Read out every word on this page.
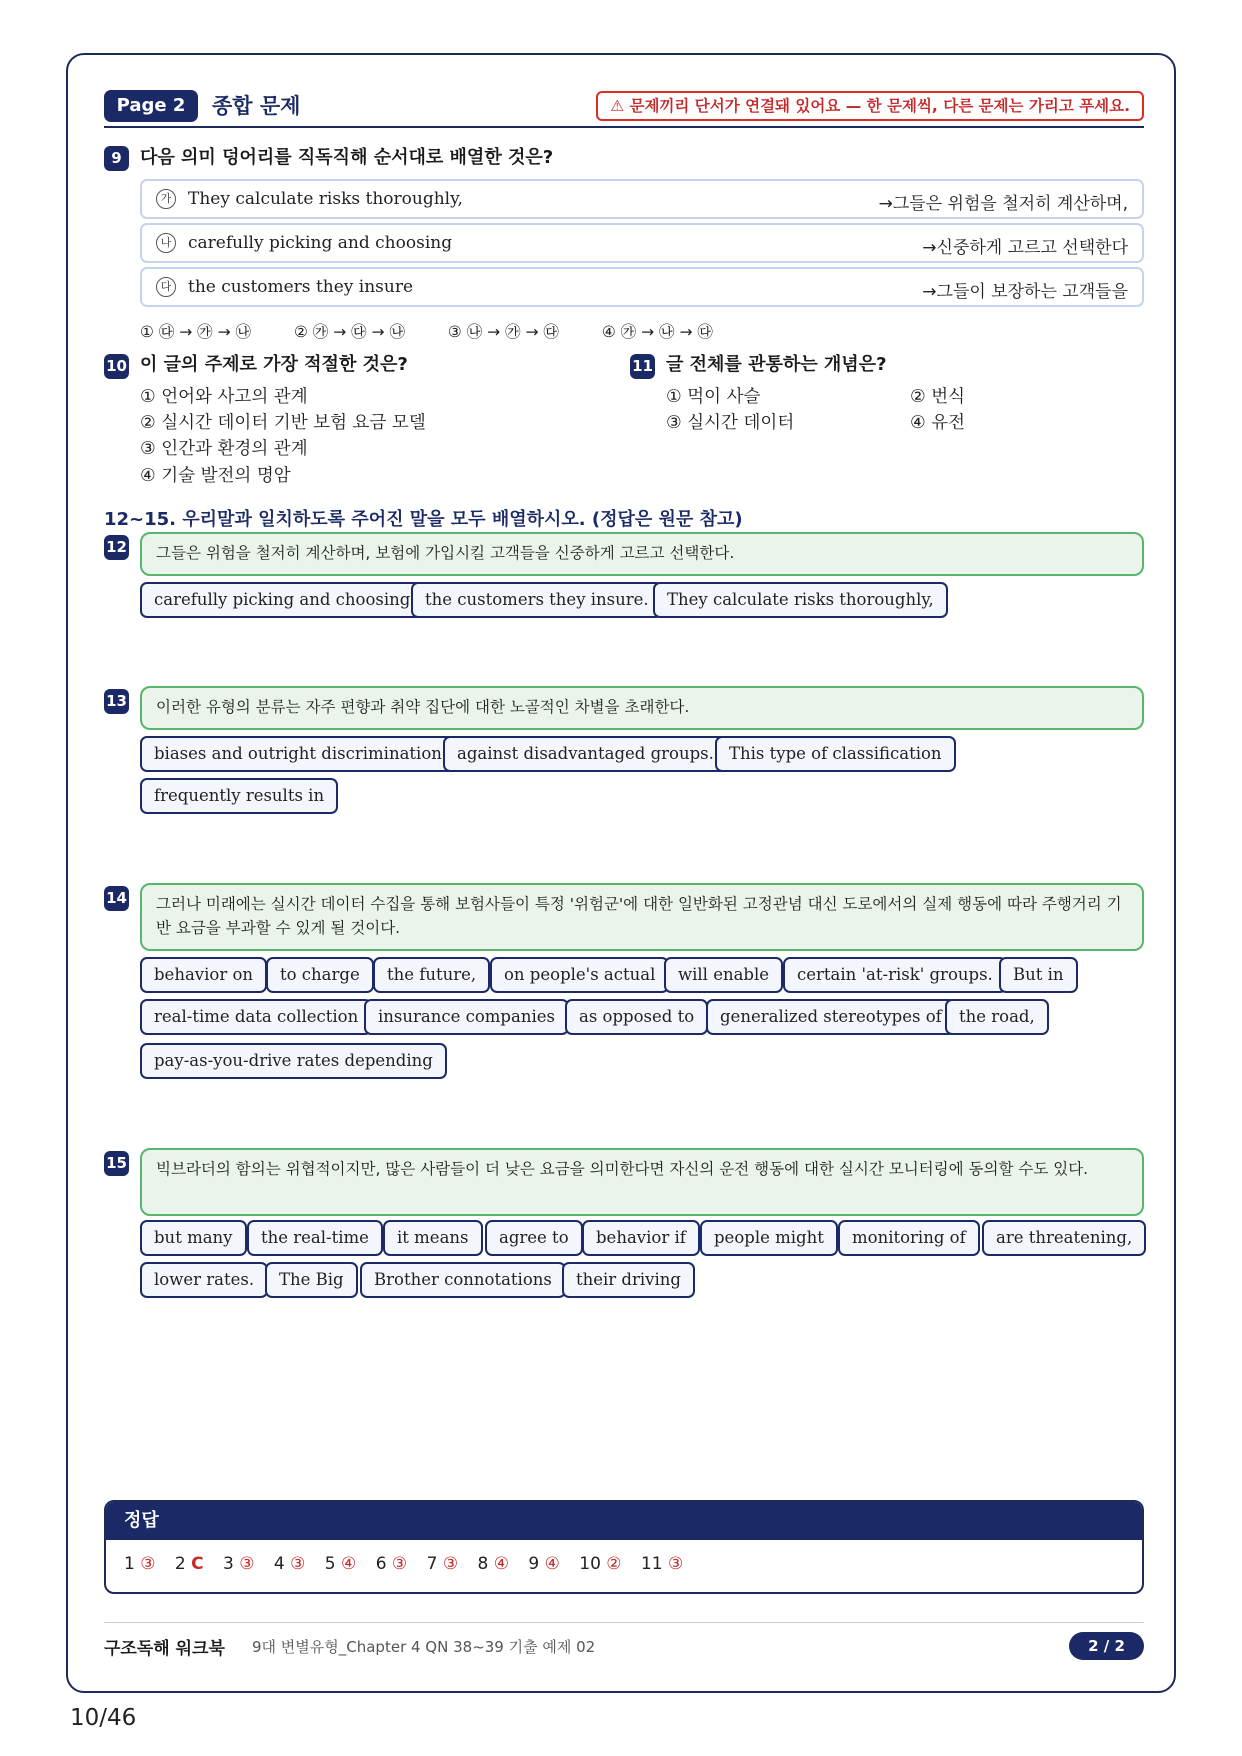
Page 2	종합 문제	⚠ 문제끼리 단서가 연결돼 있어요 — 한 문제씩, 다른 문제는 가리고 푸세요.
9	다음 의미 덩어리를 직독직해 순서대로 배열한 것은?
가 They calculate risks thoroughly,	→그들은 위험을 철저히 계산하며,
나 carefully picking and choosing	→신중하게 고르고 선택한다
다 the customers they insure	→그들이 보장하는 고객들을
① ㉰ → ㉮ → ㉯	② ㉮ → ㉰ → ㉯	③ ㉯ → ㉮ → ㉰	④ ㉮ → ㉯ → ㉰
10 이 글의 주제로 가장 적절한 것은?
① 언어와 사고의 관계
② 실시간 데이터 기반 보험 요금 모델
③ 인간과 환경의 관계
④ 기술 발전의 명암
11 글 전체를 관통하는 개념은?
① 먹이 사슬	② 번식
③ 실시간 데이터	④ 유전
12~15. 우리말과 일치하도록 주어진 말을 모두 배열하시오. (정답은 원문 참고)
12	그들은 위험을 철저히 계산하며, 보험에 가입시킬 고객들을 신중하게 고르고 선택한다.
carefully picking and choosing the customers they insure.	They calculate risks thoroughly,
13	이러한 유형의 분류는 자주 편향과 취약 집단에 대한 노골적인 차별을 초래한다.
biases and outright discrimination against disadvantaged groups. This type of classification
frequently results in
14	그러나 미래에는 실시간 데이터 수집을 통해 보험사들이 특정 '위험군'에 대한 일반화된 고정관념 대신 도로에서의 실제 행동에 따라 주행거리 기반 요금을 부과할 수 있게 될 것이다.
behavior on	to charge	the future,	on people's actual	will enable	certain 'at-risk' groups.	But in
real-time data collection	insurance companies	as opposed to	generalized stereotypes of	the road,
pay-as-you-drive rates depending
15	빅브라더의 함의는 위협적이지만, 많은 사람들이 더 낮은 요금을 의미한다면 자신의 운전 행동에 대한 실시간 모니터링에 동의할 수도 있다.
but many	the real-time	it means	agree to	behavior if	people might	monitoring of	are threatening,
lower rates.	The Big	Brother connotations	their driving
정답
1 ③ 2 C 3 ③ 4 ③ 5 ④ 6 ③ 7 ③ 8 ④ 9 ④ 10 ② 11 ③
구조독해 워크북 9대 변별유형_Chapter 4 QN 38~39 기출 예제 02	2 / 2
10/46
